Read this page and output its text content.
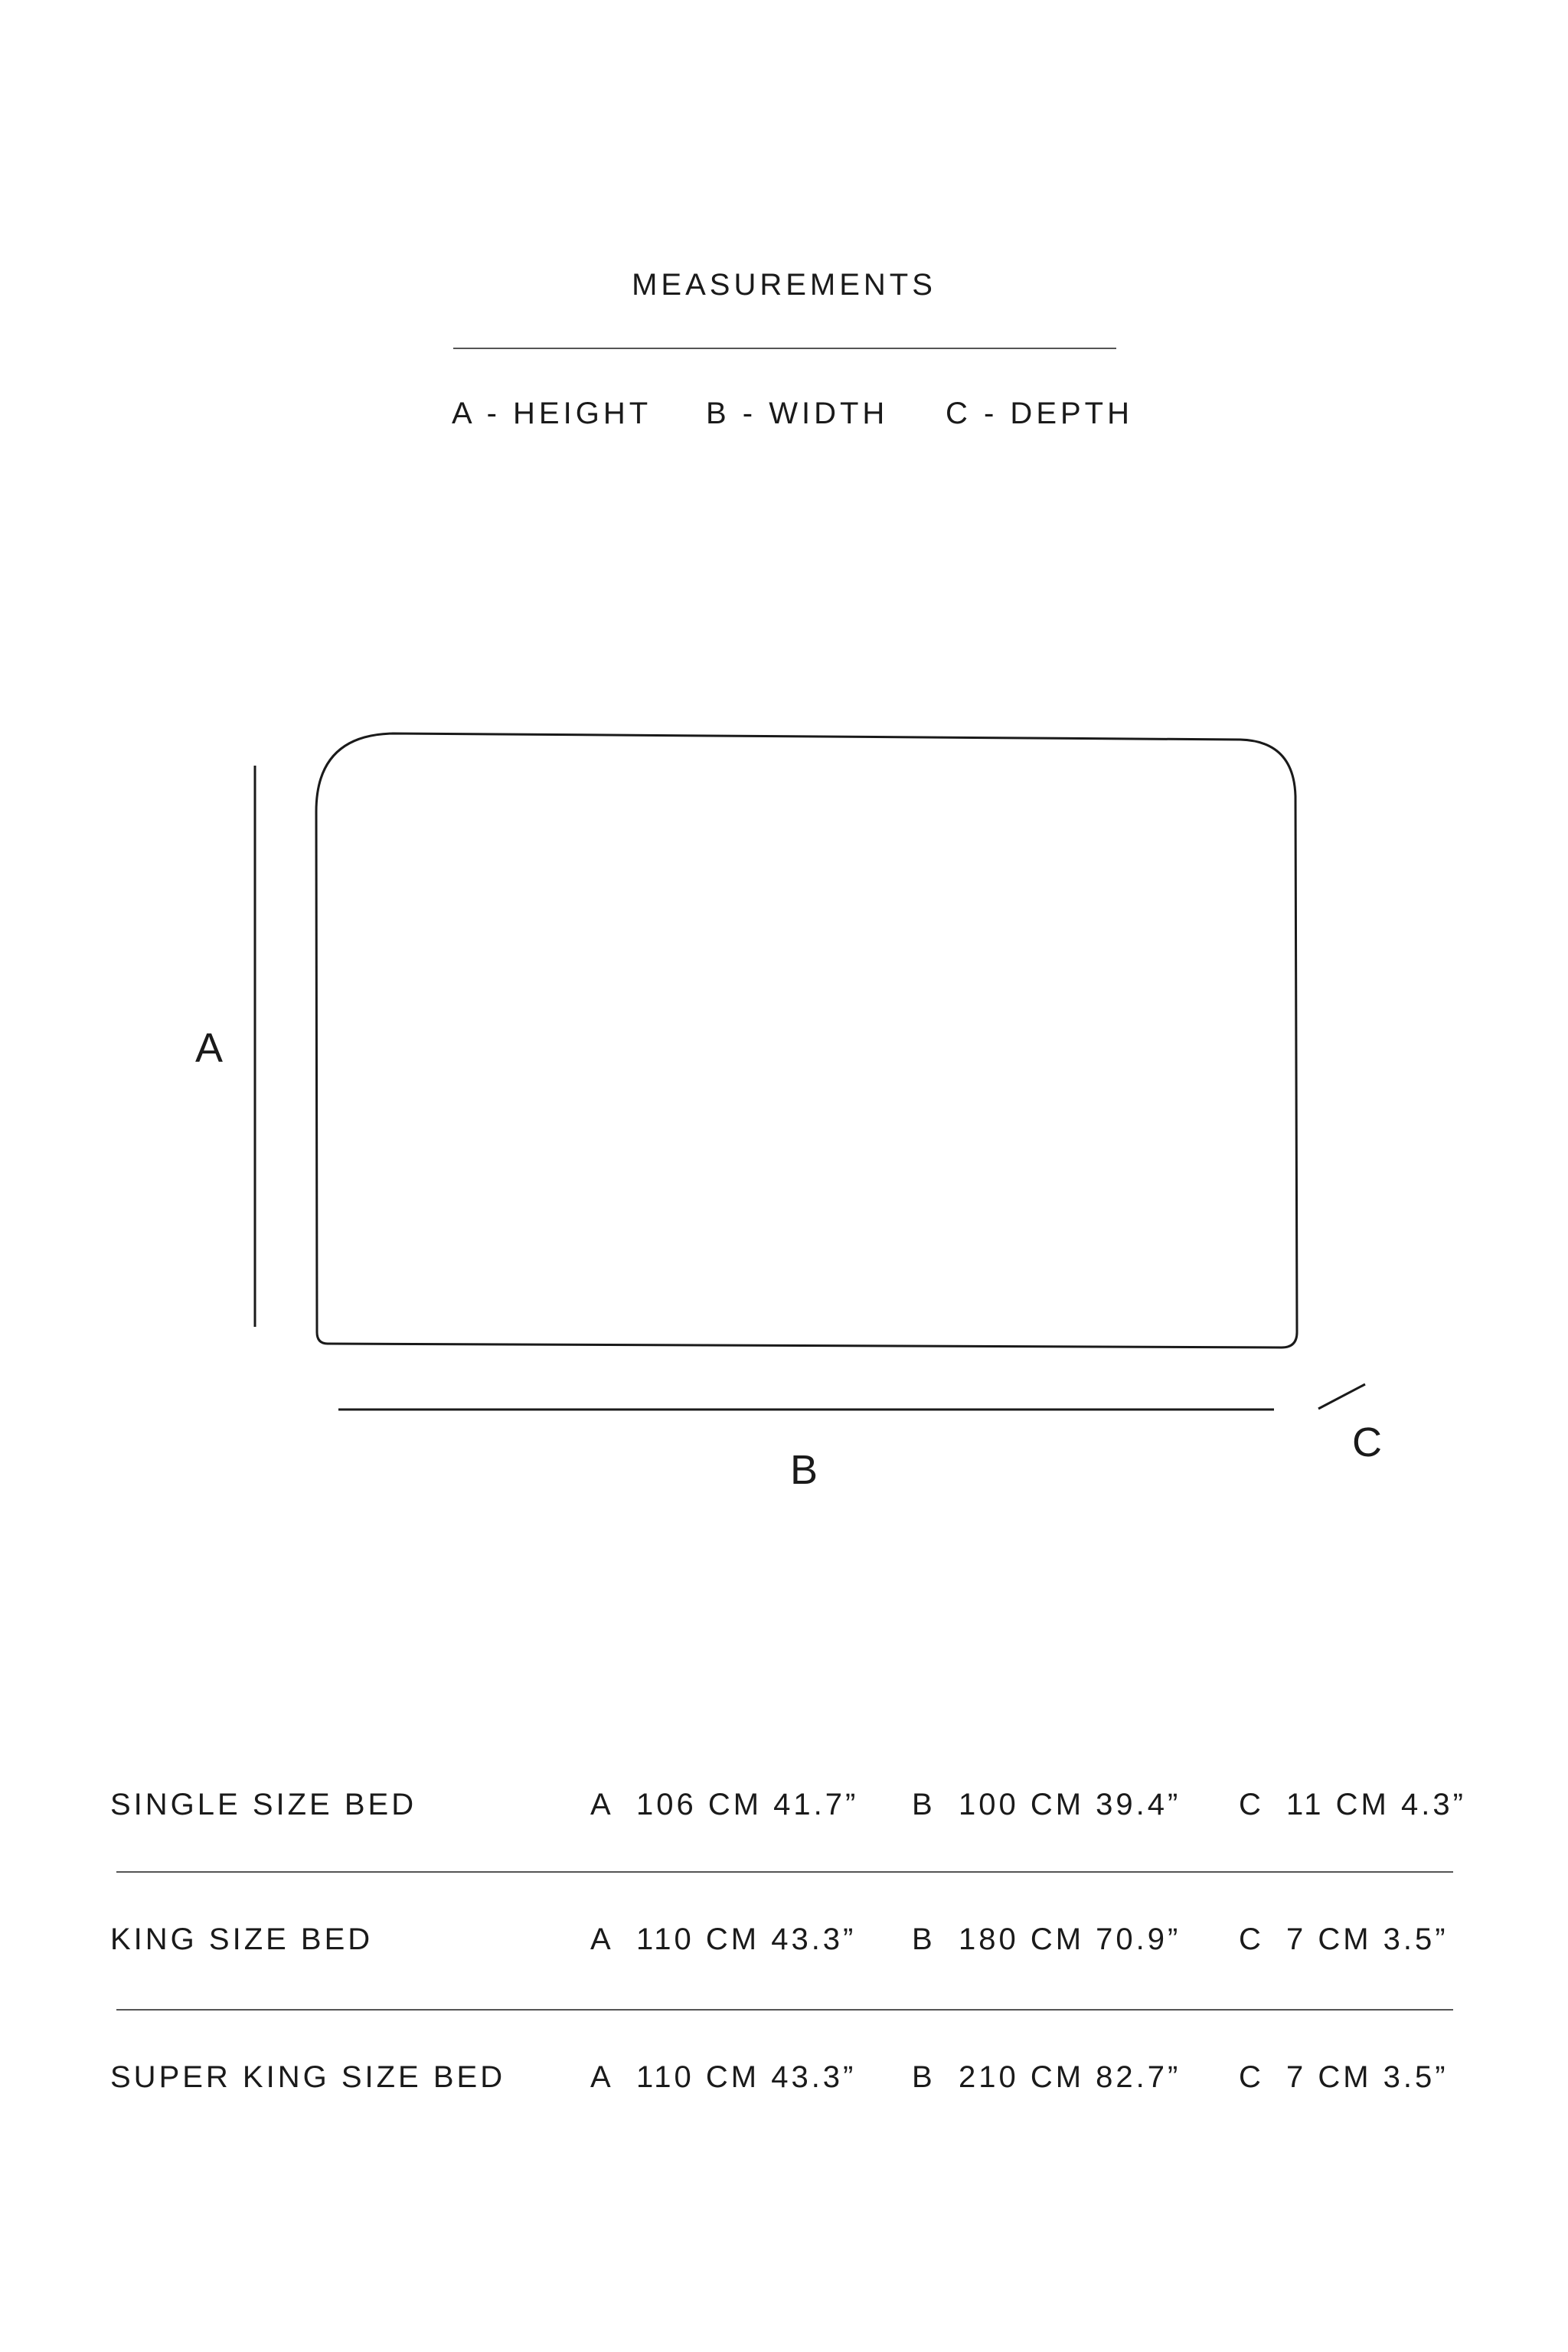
MEASUREMENTS
A - HEIGHT B - WIDTH C - DEPTH
A
B
C
SINGLE SIZE BED	A 106 CM 41.7” B 100 CM 39.4” C 11 CM 4.3”
KING SIZE BED	A 110 CM 43.3” B 180 CM 70.9” C 7 CM 3.5”
SUPER KING SIZE BED	A 110 CM 43.3” B 210 CM 82.7” C 7 CM 3.5”
